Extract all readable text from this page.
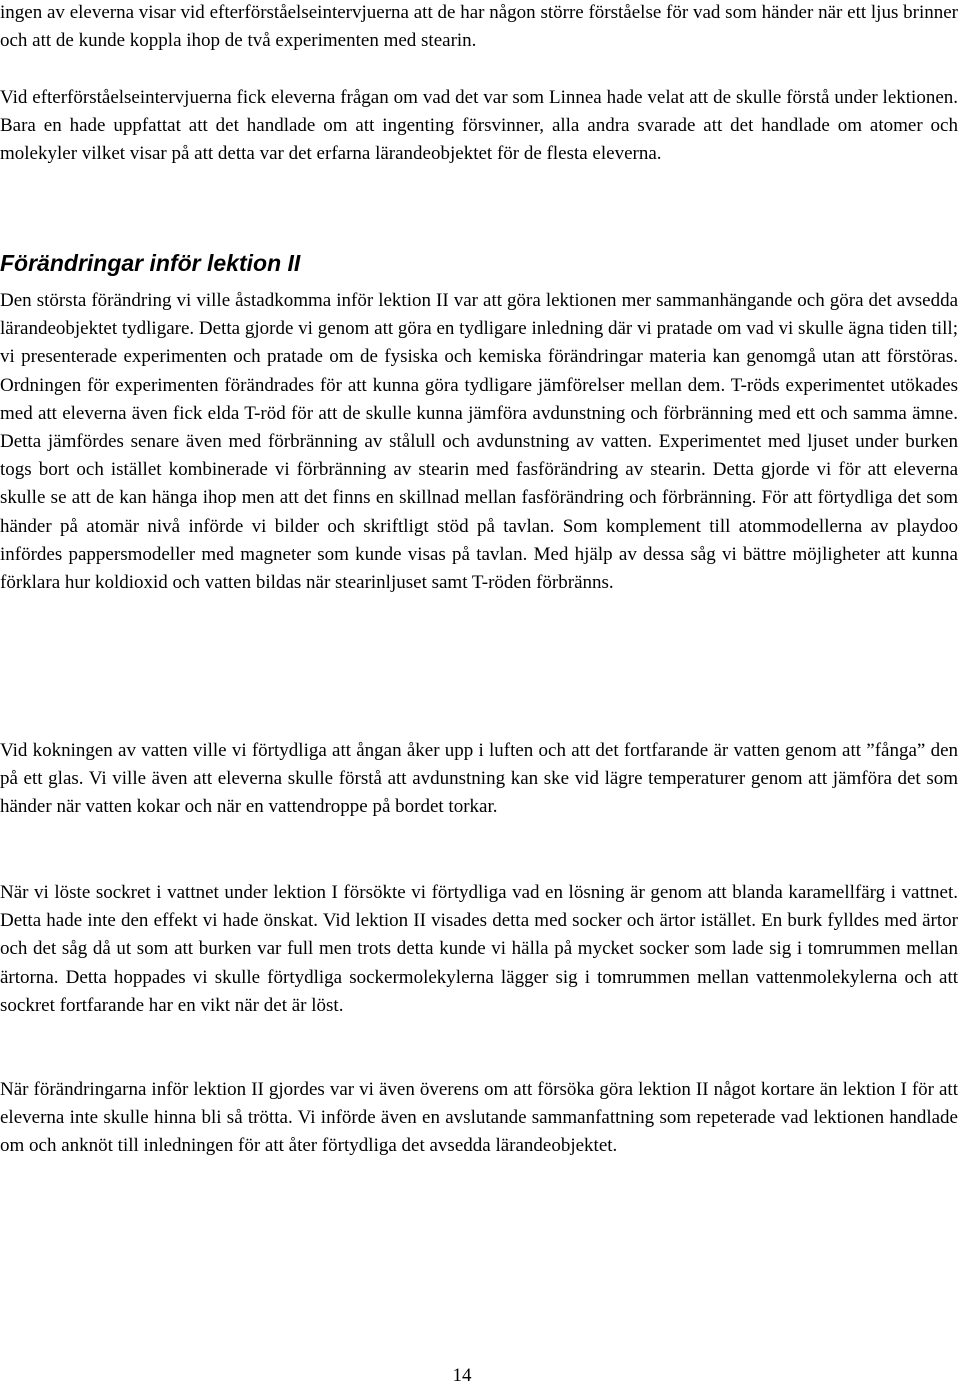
ingen av eleverna visar vid efterförståelseintervjuerna att de har någon större förståelse för vad som händer när ett ljus brinner och att de kunde koppla ihop de två experimenten med stearin.

Vid efterförståelseintervjuerna fick eleverna frågan om vad det var som Linnea hade velat att de skulle förstå under lektionen. Bara en hade uppfattat att det handlade om att ingenting försvinner, alla andra svarade att det handlade om atomer och molekyler vilket visar på att detta var det erfarna lärandeobjektet för de flesta eleverna.

Förändringar inför lektion II

Den största förändring vi ville åstadkomma inför lektion II var att göra lektionen mer sammanhängande och göra det avsedda lärandeobjektet tydligare. Detta gjorde vi genom att göra en tydligare inledning där vi pratade om vad vi skulle ägna tiden till; vi presenterade experimenten och pratade om de fysiska och kemiska förändringar materia kan genomgå utan att förstöras. Ordningen för experimenten förändrades för att kunna göra tydligare jämförelser mellan dem. T-röds experimentet utökades med att eleverna även fick elda T-röd för att de skulle kunna jämföra avdunstning och förbränning med ett och samma ämne. Detta jämfördes senare även med förbränning av stålull och avdunstning av vatten. Experimentet med ljuset under burken togs bort och istället kombinerade vi förbränning av stearin med fasförändring av stearin. Detta gjorde vi för att eleverna skulle se att de kan hänga ihop men att det finns en skillnad mellan fasförändring och förbränning. För att förtydliga det som händer på atomär nivå införde vi bilder och skriftligt stöd på tavlan. Som komplement till atommodellerna av playdoo infördes pappersmodeller med magneter som kunde visas på tavlan. Med hjälp av dessa såg vi bättre möjligheter att kunna förklara hur koldioxid och vatten bildas när stearinljuset samt T-röden förbränns.

Vid kokningen av vatten ville vi förtydliga att ångan åker upp i luften och att det fortfarande är vatten genom att ”fånga” den på ett glas. Vi ville även att eleverna skulle förstå att avdunstning kan ske vid lägre temperaturer genom att jämföra det som händer när vatten kokar och när en vattendroppe på bordet torkar.

När vi löste sockret i vattnet under lektion I försökte vi förtydliga vad en lösning är genom att blanda karamellfärg i vattnet. Detta hade inte den effekt vi hade önskat. Vid lektion II visades detta med socker och ärtor istället. En burk fylldes med ärtor och det såg då ut som att burken var full men trots detta kunde vi hälla på mycket socker som lade sig i tomrummen mellan ärtorna. Detta hoppades vi skulle förtydliga sockermolekylerna lägger sig i tomrummen mellan vattenmolekylerna och att sockret fortfarande har en vikt när det är löst.

När förändringarna inför lektion II gjordes var vi även överens om att försöka göra lektion II något kortare än lektion I för att eleverna inte skulle hinna bli så trötta. Vi införde även en avslutande sammanfattning som repeterade vad lektionen handlade om och anknöt till inledningen för att åter förtydliga det avsedda lärandeobjektet.

14
